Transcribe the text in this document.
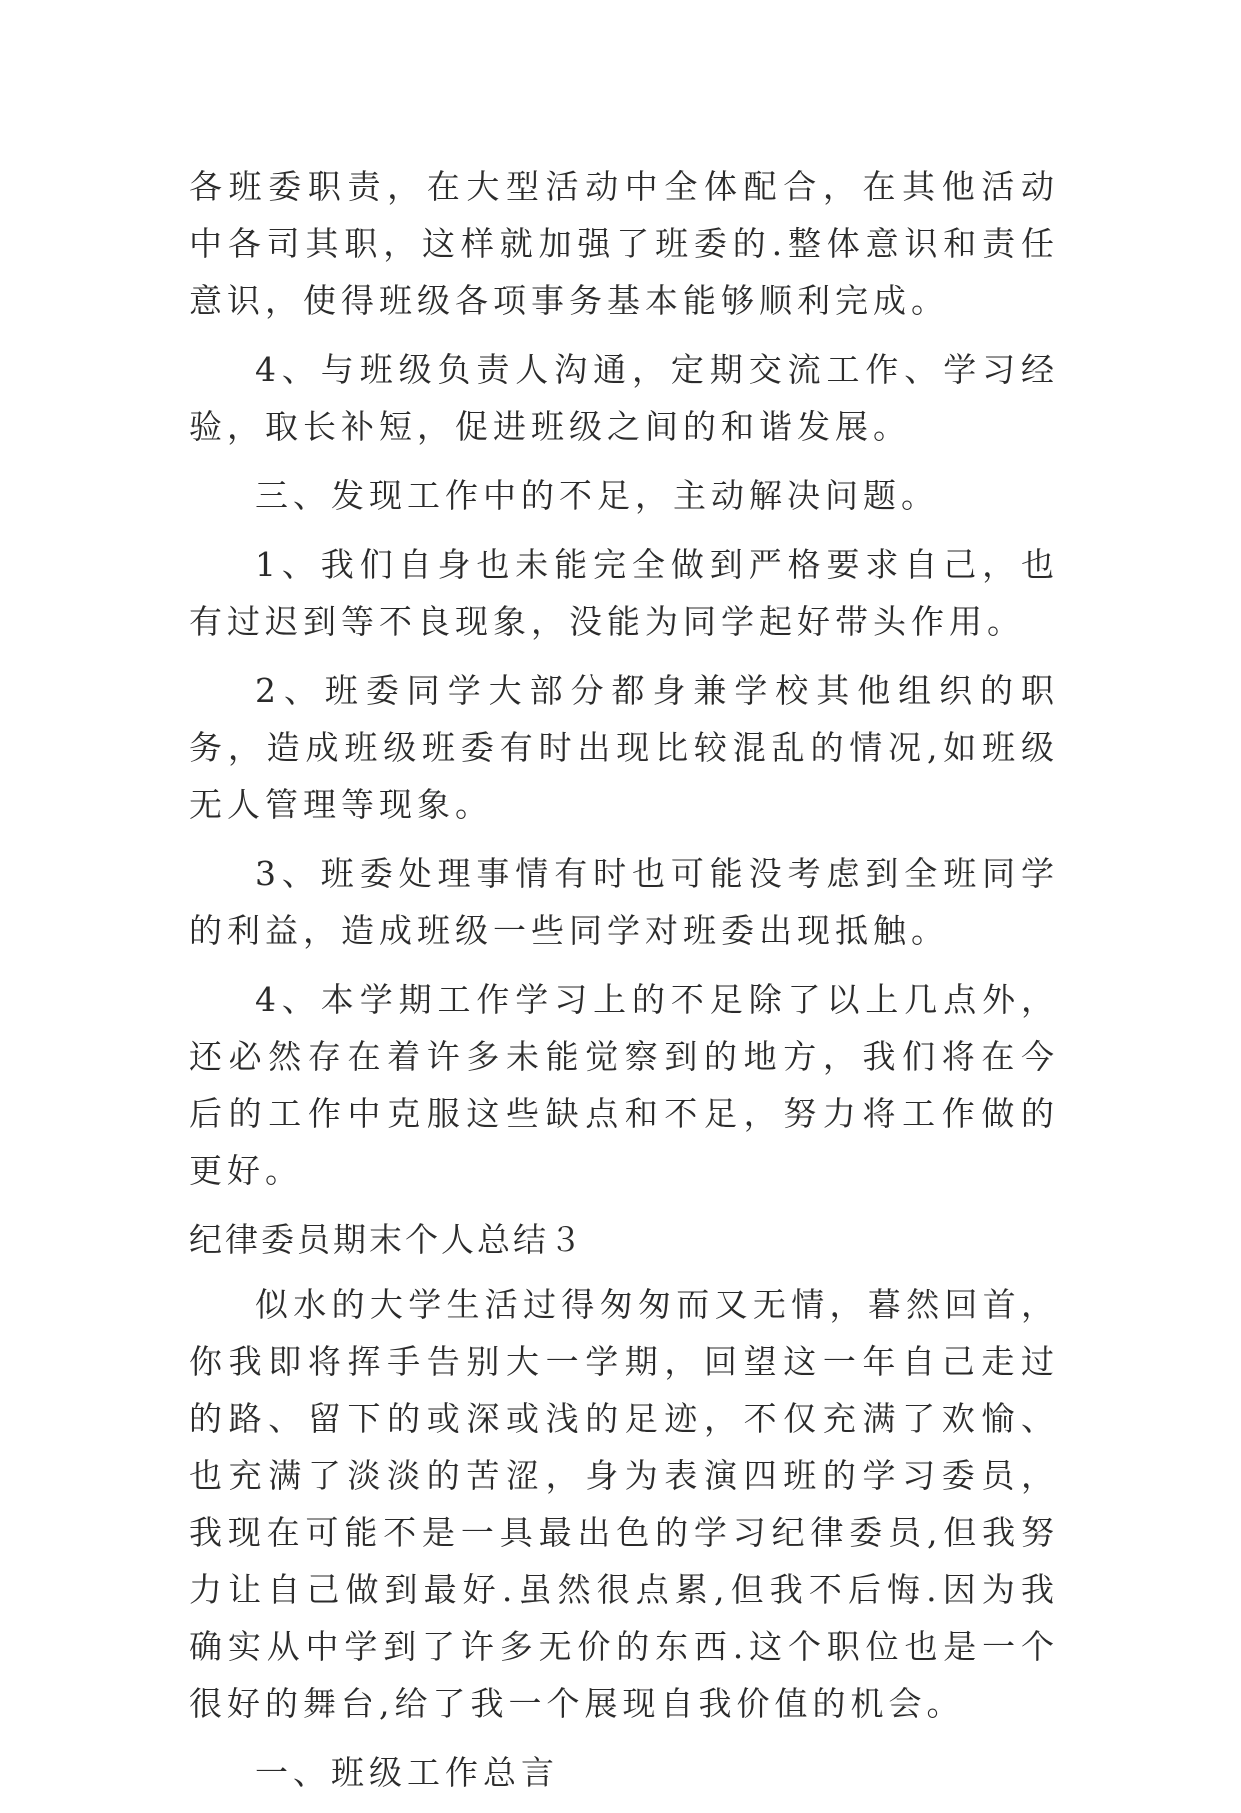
各班委职责，在大型活动中全体配合，在其他活动中各司其职，这样就加强了班委的.整体意识和责任意识，使得班级各项事务基本能够顺利完成。

4、与班级负责人沟通，定期交流工作、学习经验，取长补短，促进班级之间的和谐发展。

三、发现工作中的不足，主动解决问题。

1、我们自身也未能完全做到严格要求自己，也有过迟到等不良现象，没能为同学起好带头作用。

2、班委同学大部分都身兼学校其他组织的职务，造成班级班委有时出现比较混乱的情况,如班级无人管理等现象。

3、班委处理事情有时也可能没考虑到全班同学的利益，造成班级一些同学对班委出现抵触。

4、本学期工作学习上的不足除了以上几点外，还必然存在着许多未能觉察到的地方，我们将在今后的工作中克服这些缺点和不足，努力将工作做的更好。

纪律委员期末个人总结３

似水的大学生活过得匆匆而又无情，暮然回首，你我即将挥手告别大一学期，回望这一年自己走过的路、留下的或深或浅的足迹，不仅充满了欢愉、也充满了淡淡的苦涩，身为表演四班的学习委员，我现在可能不是一具最出色的学习纪律委员,但我努力让自己做到最好.虽然很点累,但我不后悔.因为我确实从中学到了许多无价的东西.这个职位也是一个很好的舞台,给了我一个展现自我价值的机会。

一、班级工作总言
